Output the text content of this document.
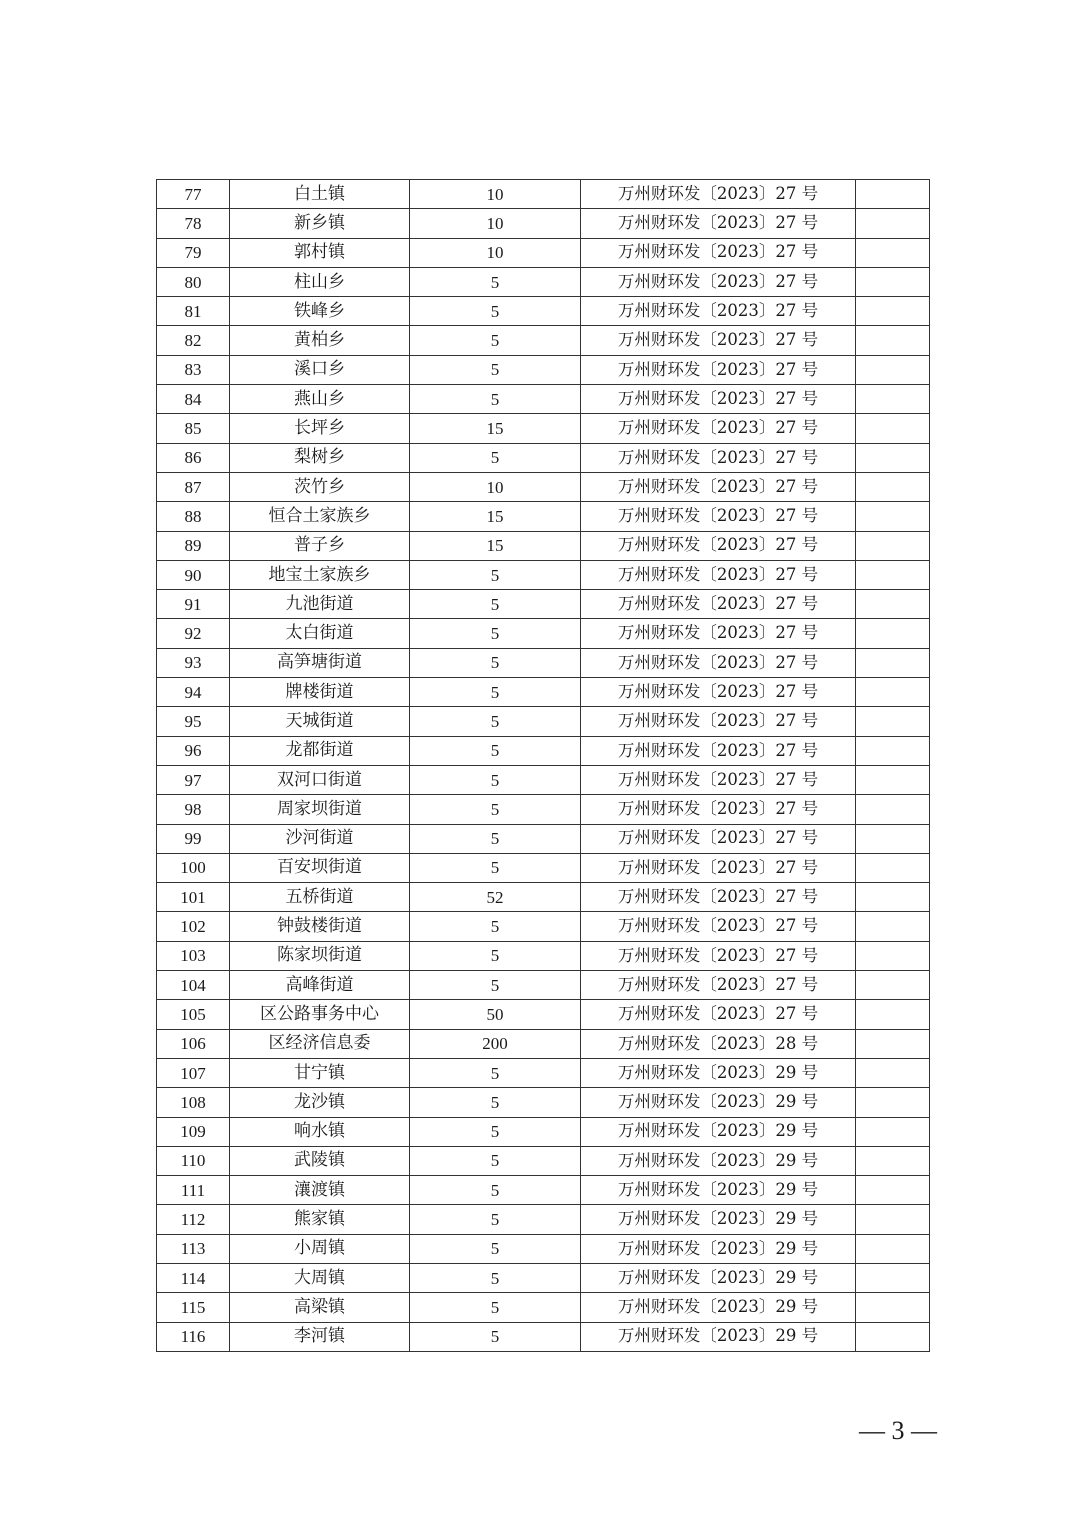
77	白土镇	10	万州财环发〔2023〕27 号	
78	新乡镇	10	万州财环发〔2023〕27 号	
79	郭村镇	10	万州财环发〔2023〕27 号	
80	柱山乡	5	万州财环发〔2023〕27 号	
81	铁峰乡	5	万州财环发〔2023〕27 号	
82	黄柏乡	5	万州财环发〔2023〕27 号	
83	溪口乡	5	万州财环发〔2023〕27 号	
84	燕山乡	5	万州财环发〔2023〕27 号	
85	长坪乡	15	万州财环发〔2023〕27 号	
86	梨树乡	5	万州财环发〔2023〕27 号	
87	茨竹乡	10	万州财环发〔2023〕27 号	
88	恒合土家族乡	15	万州财环发〔2023〕27 号	
89	普子乡	15	万州财环发〔2023〕27 号	
90	地宝土家族乡	5	万州财环发〔2023〕27 号	
91	九池街道	5	万州财环发〔2023〕27 号	
92	太白街道	5	万州财环发〔2023〕27 号	
93	高笋塘街道	5	万州财环发〔2023〕27 号	
94	牌楼街道	5	万州财环发〔2023〕27 号	
95	天城街道	5	万州财环发〔2023〕27 号	
96	龙都街道	5	万州财环发〔2023〕27 号	
97	双河口街道	5	万州财环发〔2023〕27 号	
98	周家坝街道	5	万州财环发〔2023〕27 号	
99	沙河街道	5	万州财环发〔2023〕27 号	
100	百安坝街道	5	万州财环发〔2023〕27 号	
101	五桥街道	52	万州财环发〔2023〕27 号	
102	钟鼓楼街道	5	万州财环发〔2023〕27 号	
103	陈家坝街道	5	万州财环发〔2023〕27 号	
104	高峰街道	5	万州财环发〔2023〕27 号	
105	区公路事务中心	50	万州财环发〔2023〕27 号	
106	区经济信息委	200	万州财环发〔2023〕28 号	
107	甘宁镇	5	万州财环发〔2023〕29 号	
108	龙沙镇	5	万州财环发〔2023〕29 号	
109	响水镇	5	万州财环发〔2023〕29 号	
110	武陵镇	5	万州财环发〔2023〕29 号	
111	瀼渡镇	5	万州财环发〔2023〕29 号	
112	熊家镇	5	万州财环发〔2023〕29 号	
113	小周镇	5	万州财环发〔2023〕29 号	
114	大周镇	5	万州财环发〔2023〕29 号	
115	高梁镇	5	万州财环发〔2023〕29 号	
116	李河镇	5	万州财环发〔2023〕29 号	
— 3 —
